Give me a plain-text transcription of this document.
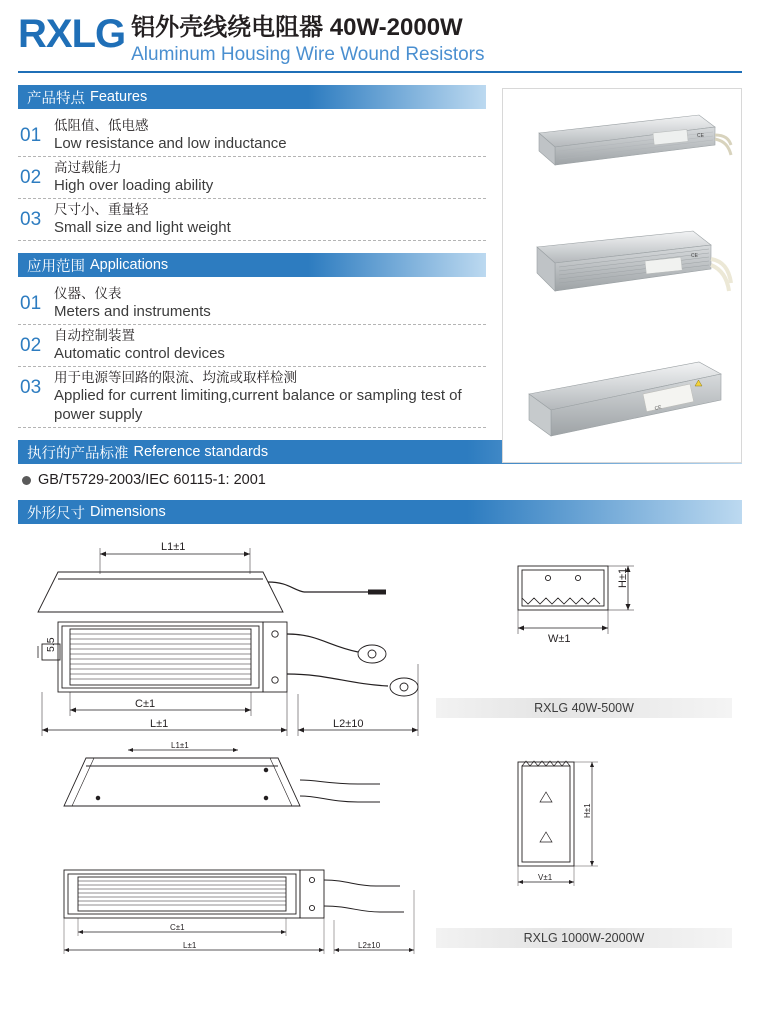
RXLG 铝外壳线绕电阻器 40W-2000W
Aluminum Housing Wire Wound Resistors
产品特点 Features
01 低阻值、低电感
Low resistance and low inductance
02 高过载能力
High over loading ability
03 尺寸小、重量轻
Small size and light weight
应用范围 Applications
01 仪器、仪表
Meters and instruments
02 自动控制装置
Automatic control devices
03 用于电源等回路的限流、均流或取样检测
Applied for current limiting,current balance or sampling test of power supply
CE
CE
CE
执行的产品标准 Reference standards
GB/T5729-2003/IEC 60115-1: 2001
外形尺寸 Dimensions
L1±1
C±1
L±1	L2±10
5.5	W±1
H±1
RXLG 40W-500W
L1±1
C±1
L±1	L2±10
H±1
V±1
RXLG 1000W-2000W
